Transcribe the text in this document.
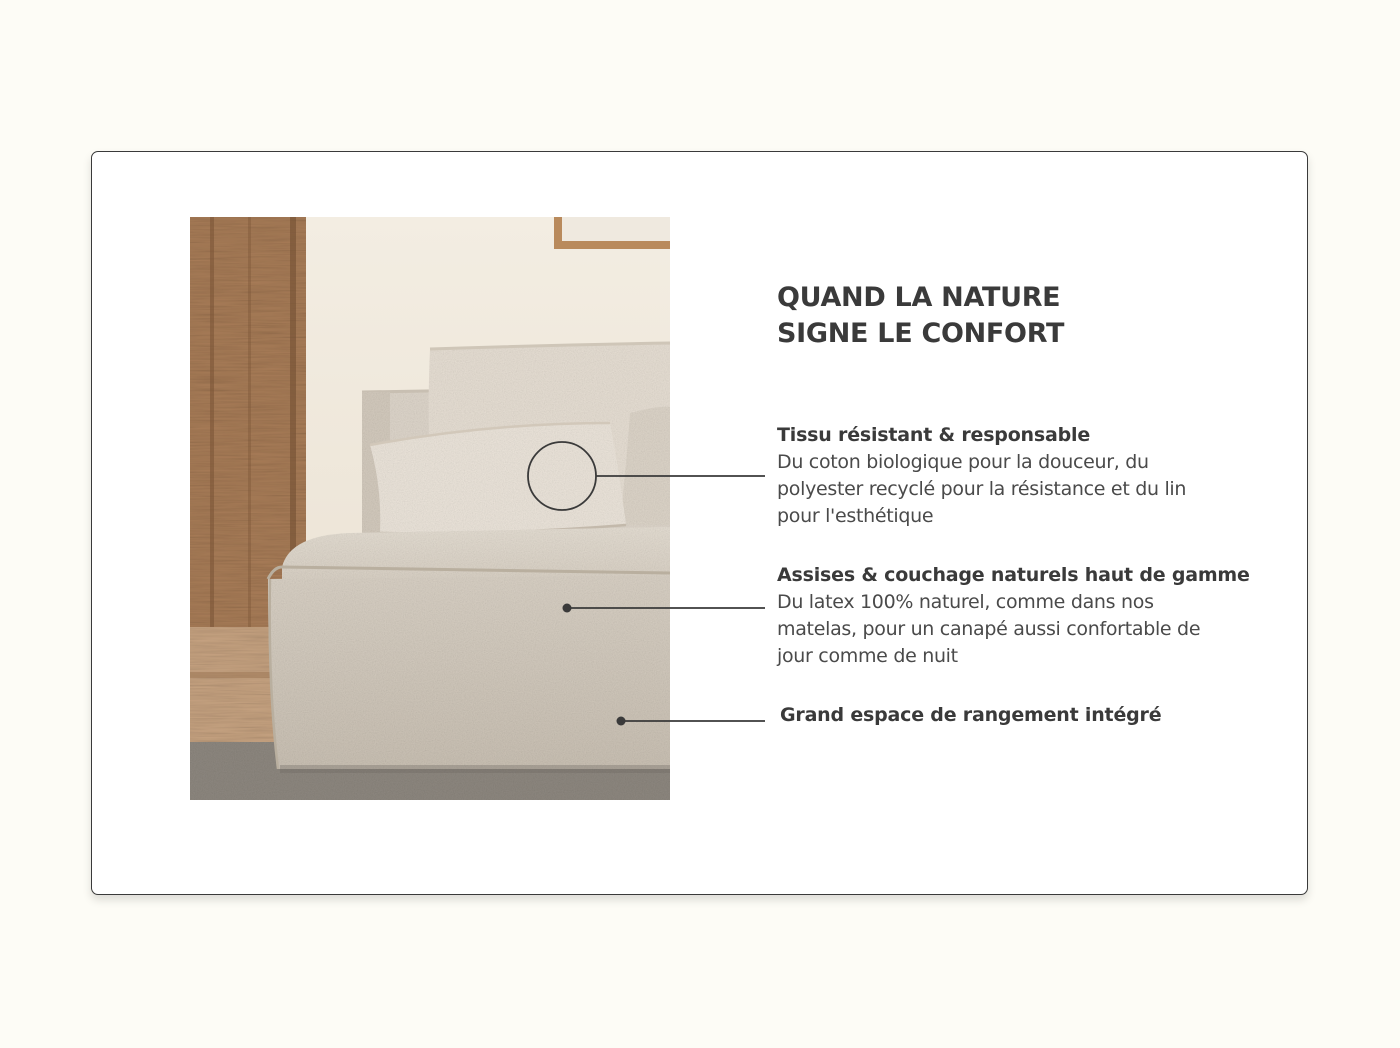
QUAND LA NATURE
SIGNE LE CONFORT
Tissu résistant & responsable
Du coton biologique pour la douceur, du
polyester recyclé pour la résistance et du lin
pour l'esthétique
Assises & couchage naturels haut de gamme
Du latex 100% naturel, comme dans nos
matelas, pour un canapé aussi confortable de
jour comme de nuit
Grand espace de rangement intégré
